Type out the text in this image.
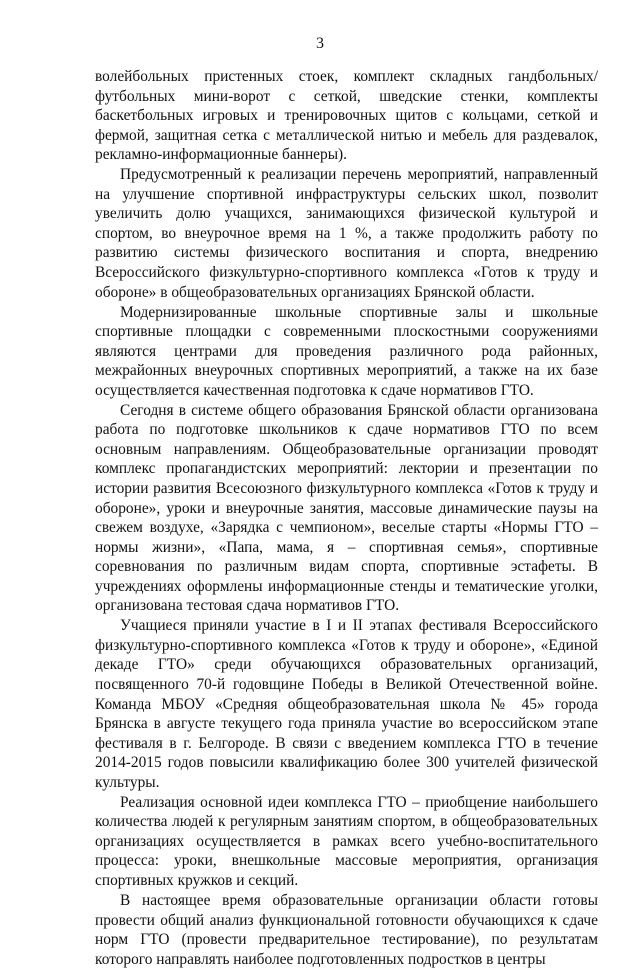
3

волейбольных пристенных стоек, комплект складных гандбольных/футбольных мини-ворот с сеткой, шведские стенки, комплекты баскетбольных игровых и тренировочных щитов с кольцами, сеткой и фермой, защитная сетка с металлической нитью и мебель для раздевалок, рекламно-информационные баннеры).

Предусмотренный к реализации перечень мероприятий, направленный на улучшение спортивной инфраструктуры сельских школ, позволит увеличить долю учащихся, занимающихся физической культурой и спортом, во внеурочное время на 1 %, а также продолжить работу по развитию системы физического воспитания и спорта, внедрению Всероссийского физкультурно-спортивного комплекса «Готов к труду и обороне» в общеобразовательных организациях Брянской области.

Модернизированные школьные спортивные залы и школьные спортивные площадки с современными плоскостными сооружениями являются центрами для проведения различного рода районных, межрайонных внеурочных спортивных мероприятий, а также на их базе осуществляется качественная подготовка к сдаче нормативов ГТО.

Сегодня в системе общего образования Брянской области организована работа по подготовке школьников к сдаче нормативов ГТО по всем основным направлениям. Общеобразовательные организации проводят комплекс пропагандистских мероприятий: лектории и презентации по истории развития Всесоюзного физкультурного комплекса «Готов к труду и обороне», уроки и внеурочные занятия, массовые динамические паузы на свежем воздухе, «Зарядка с чемпионом», веселые старты «Нормы ГТО – нормы жизни», «Папа, мама, я – спортивная семья», спортивные соревнования по различным видам спорта, спортивные эстафеты. В учреждениях оформлены информационные стенды и тематические уголки, организована тестовая сдача нормативов ГТО.

Учащиеся приняли участие в I и II этапах фестиваля Всероссийского физкультурно-спортивного комплекса «Готов к труду и обороне», «Единой декаде ГТО» среди обучающихся образовательных организаций, посвященного 70-й годовщине Победы в Великой Отечественной войне. Команда МБОУ «Средняя общеобразовательная школа № 45» города Брянска в августе текущего года приняла участие во всероссийском этапе фестиваля в г. Белгороде. В связи с введением комплекса ГТО в течение 2014-2015 годов повысили квалификацию более 300 учителей физической культуры.

Реализация основной идеи комплекса ГТО – приобщение наибольшего количества людей к регулярным занятиям спортом, в общеобразовательных организациях осуществляется в рамках всего учебно-воспитательного процесса: уроки, внешкольные массовые мероприятия, организация спортивных кружков и секций.

В настоящее время образовательные организации области готовы провести общий анализ функциональной готовности обучающихся к сдаче норм ГТО (провести предварительное тестирование), по результатам которого направлять наиболее подготовленных подростков в центры
